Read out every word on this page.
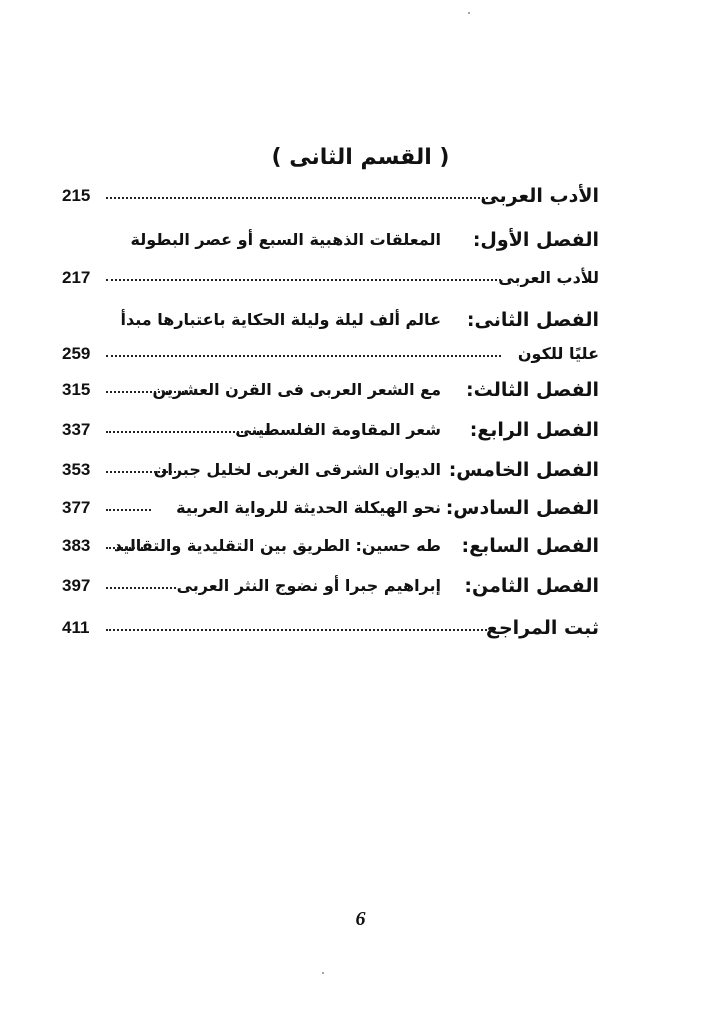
( القسم الثانى )
الأدب العربى
215
الفصل الأول:
المعلقات الذهبية السبع أو عصر البطولة
للأدب العربى
217
الفصل الثانى:
عالم ألف ليلة وليلة الحكاية باعتبارها مبدأ
عليًا للكون
259
الفصل الثالث:
مع الشعر العربى فى القرن العشرين
315
الفصل الرابع:
شعر المقاومة الفلسطينى
337
الفصل الخامس:
الديوان الشرقى الغربى لخليل جبران
353
الفصل السادس:
نحو الهيكلة الحديثة للرواية العربية
377
الفصل السابع:
طه حسين: الطريق بين التقليدية والتقاليد
383
الفصل الثامن:
إبراهيم جبرا أو نضوج النثر العربى
397
ثبت المراجع
411
6
